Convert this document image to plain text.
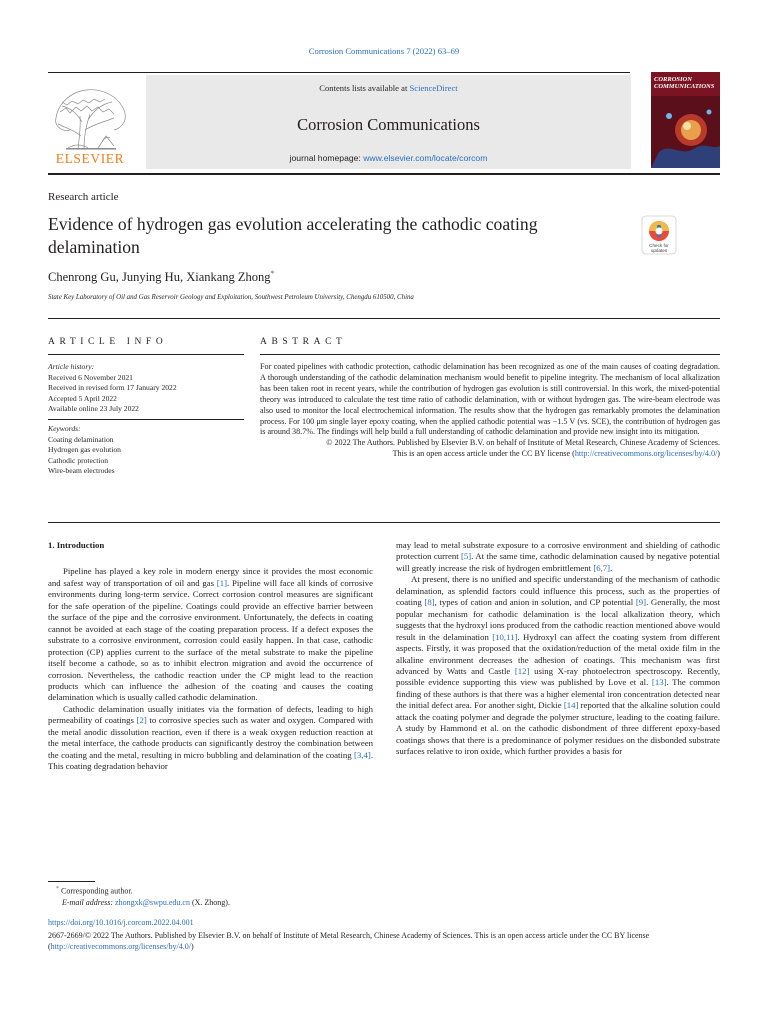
Corrosion Communications 7 (2022) 63–69
Contents lists available at ScienceDirect
Corrosion Communications
journal homepage: www.elsevier.com/locate/corcom
ELSEVIER
CORROSION COMMUNICATIONS
Research article
Evidence of hydrogen gas evolution accelerating the cathodic coating delamination	Check for
updates
Chenrong Gu, Junying Hu, Xiankang Zhong*
State Key Laboratory of Oil and Gas Reservoir Geology and Exploitation, Southwest Petroleum University, Chengdu 610500, China
ARTICLE INFO
Article history:
Received 6 November 2021
Received in revised form 17 January 2022
Accepted 5 April 2022
Available online 23 July 2022
Keywords:
Coating delamination
Hydrogen gas evolution
Cathodic protection
Wire-beam electrodes
ABSTRACT
For coated pipelines with cathodic protection, cathodic delamination has been recognized as one of the main causes of coating degradation. A thorough understanding of the cathodic delamination mechanism would benefit to pipeline integrity. The mechanism of local alkalization has been taken root in recent years, while the contribution of hydrogen gas evolution is still controversial. In this work, the mixed-potential theory was introduced to calculate the test time ratio of cathodic delamination, with or without hydrogen gas. The wire-beam electrode was also used to monitor the local electrochemical information. The results show that the hydrogen gas remarkably promotes the delamination process. For 100 μm single layer epoxy coating, when the applied cathodic potential was −1.5 V (vs. SCE), the contribution of hydrogen gas is around 38.7%. The findings will help build a full understanding of cathodic delamination and provide new insight into its mitigation.
© 2022 The Authors. Published by Elsevier B.V. on behalf of Institute of Metal Research, Chinese Academy of Sciences.
This is an open access article under the CC BY license (http://creativecommons.org/licenses/by/4.0/)
1. Introduction

Pipeline has played a key role in modern energy since it provides the most economic and safest way of transportation of oil and gas [1]. Pipeline will face all kinds of corrosive environments during long-term service. Correct corrosion control measures are significant for the safe operation of the pipeline. Coatings could provide an effective barrier between the surface of the pipe and the corrosive environment. Unfortunately, the defects in coating cannot be avoided at each stage of the coating preparation process. If a defect exposes the substrate to a corrosive environment, corrosion could easily happen. In that case, cathodic protection (CP) applies current to the surface of the metal substrate to make the pipeline itself become a cathode, so as to inhibit electron migration and avoid the occurrence of corrosion. Nevertheless, the cathodic reaction under the CP might lead to the reaction products which can influence the adhesion of the coating and causes the coating delamination which is usually called cathodic delamination.

Cathodic delamination usually initiates via the formation of defects, leading to high permeability of coatings [2] to corrosive species such as water and oxygen. Compared with the metal anodic dissolution reaction, even if there is a weak oxygen reduction reaction at the metal interface, the cathode products can significantly destroy the combination between the coating and the metal, resulting in micro bubbling and delamination of the coating [3,4]. This coating degradation behavior

may lead to metal substrate exposure to a corrosive environment and shielding of cathodic protection current [5]. At the same time, cathodic delamination caused by negative potential will greatly increase the risk of hydrogen embrittlement [6,7].

At present, there is no unified and specific understanding of the mechanism of cathodic delamination, as splendid factors could influence this process, such as the properties of coating [8], types of cation and anion in solution, and CP potential [9]. Generally, the most popular mechanism for cathodic delamination is the local alkalization theory, which suggests that the hydroxyl ions produced from the cathodic reaction mentioned above would result in the delamination [10,11]. Hydroxyl can affect the coating system from different aspects. Firstly, it was proposed that the oxidation/reduction of the metal oxide film in the alkaline environment decreases the adhesion of coatings. This mechanism was first advanced by Watts and Castle [12] using X-ray photoelectron spectroscopy. Recently, possible evidence supporting this view was published by Love et al. [13]. The common finding of these authors is that there was a higher elemental iron concentration detected near the initial defect area. For another sight, Dickie [14] reported that the alkaline solution could attack the coating polymer and degrade the polymer structure, leading to the coating failure. A study by Hammond et al. on the cathodic disbondment of three different epoxy-based coatings shows that there is a predominance of polymer residues on the disbonded substrate surfaces relative to iron oxide, which further provides a basis for

* Corresponding author.
E-mail address: zhongxk@swpu.edu.cn (X. Zhong).
https://doi.org/10.1016/j.corcom.2022.04.001
2667-2669/© 2022 The Authors. Published by Elsevier B.V. on behalf of Institute of Metal Research, Chinese Academy of Sciences. This is an open access article under the CC BY license (http://creativecommons.org/licenses/by/4.0/)
